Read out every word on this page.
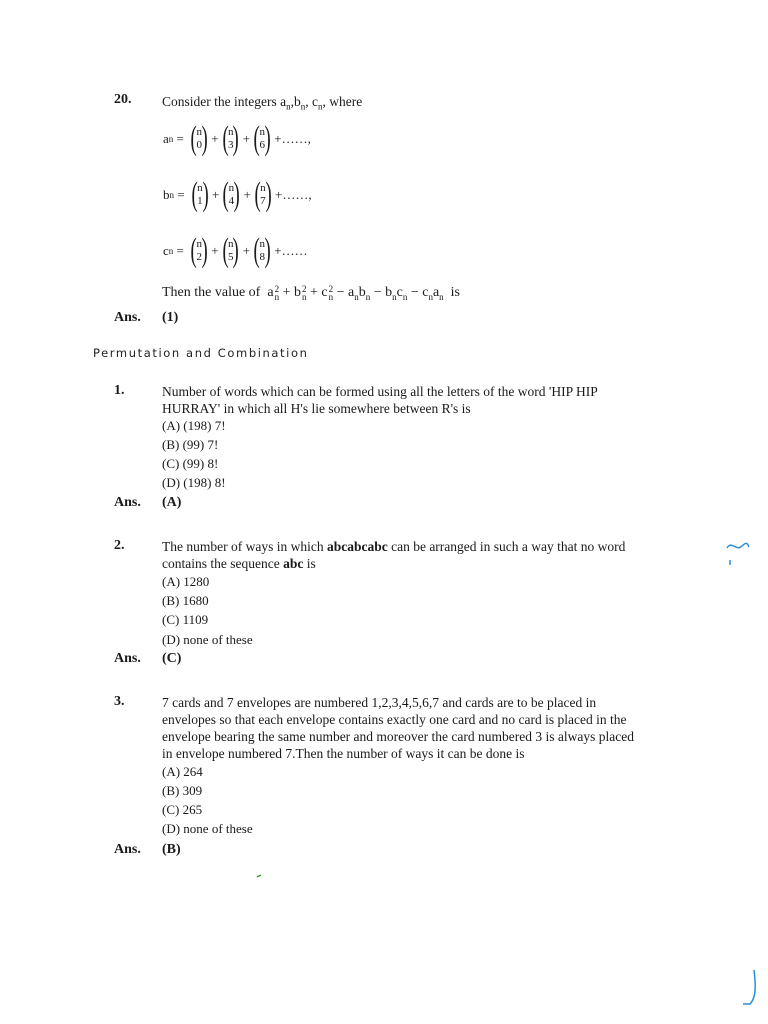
20. Consider the integers $a_n,b_n$, $c_n$, where
a n = ( n
0 ) + ( n
3 ) + ( n
6 ) +……,
b n = ( n
1 ) + ( n
4 ) + ( n
7 ) +……,
c n = ( n
2 ) + ( n
5 ) + ( n
8 ) +……
Then the value of  a 2
n + b 2
n + c 2
$n - a_nb_n - b_nc_n - c_na_n$ is
Ans. (1)
Permutation and Combination
1.	Number of words which can be formed using all the letters of the word 'HIP HIP
HURRAY' in which all H's lie somewhere between R's is
(A) (198) 7!
(B) (99) 7!
(C) (99) 8!
(D) (198) 8!
Ans. (A)
2.	The number of ways in which abcabcabc can be arranged in such a way that no word
contains the sequence abc is
(A) 1280
(B) 1680
(C) 1109
(D) none of these
Ans. (C)
3.	7 cards and 7 envelopes are numbered 1,2,3,4,5,6,7 and cards are to be placed in
envelopes so that each envelope contains exactly one card and no card is placed in the
envelope bearing the same number and moreover the card numbered 3 is always placed
in envelope numbered 7.Then the number of ways it can be done is
(A) 264
(B) 309
(C) 265
(D) none of these
Ans. (B)
